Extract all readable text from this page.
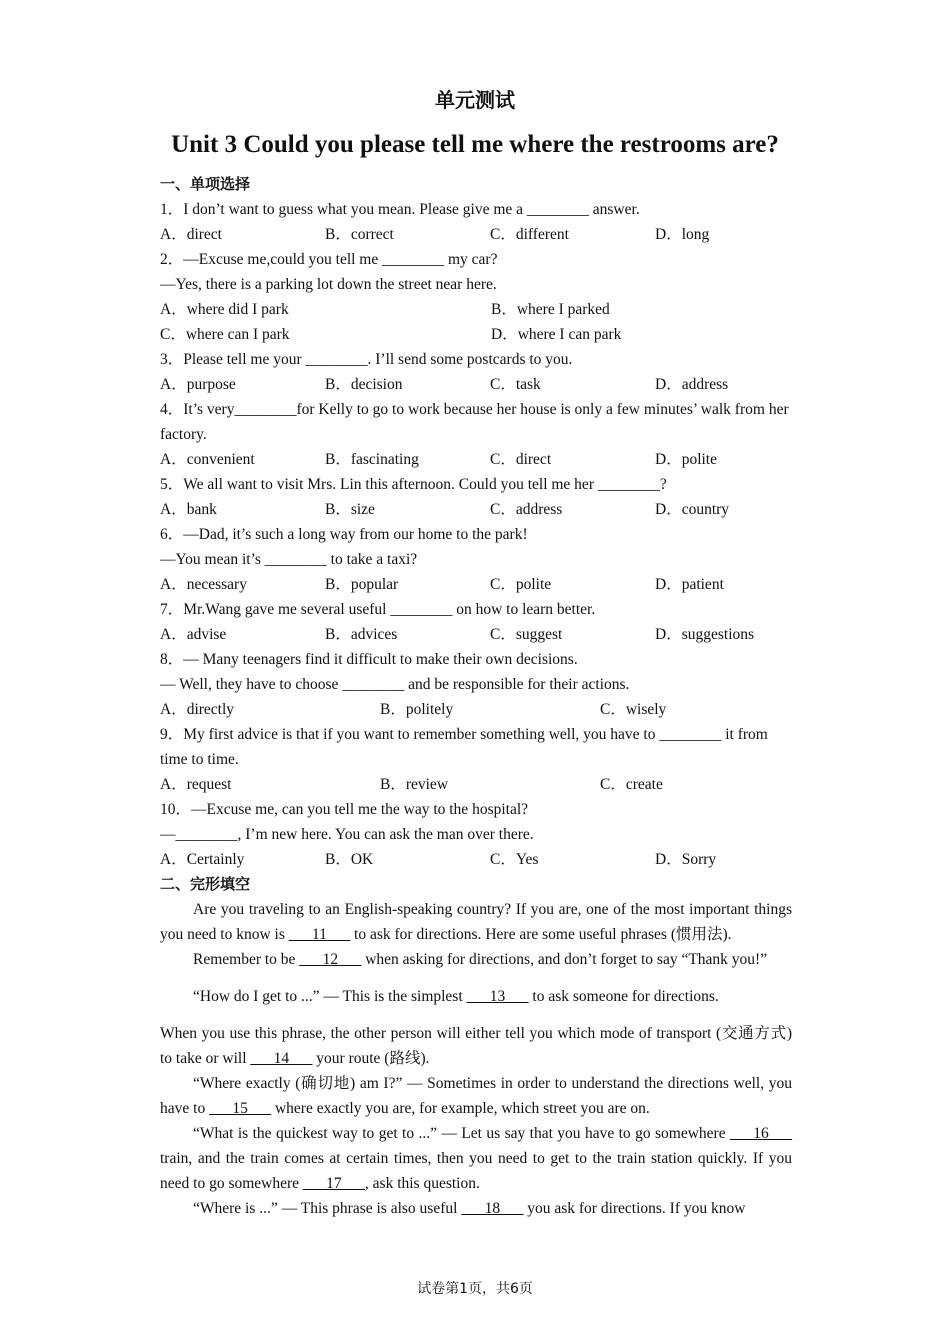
单元测试
Unit 3 Could you please tell me where the restrooms are?
一、单项选择
1．I don’t want to guess what you mean. Please give me a ________ answer.
A．direct	B．correct	C．different	D．long
2．—Excuse me,could you tell me ________ my car?
—Yes, there is a parking lot down the street near here.
A．where did I park	B．where I parked
C．where can I park	D．where I can park
3．Please tell me your ________. I’ll send some postcards to you.
A．purpose	B．decision	C．task	D．address
4．It’s very________for Kelly to go to work because her house is only a few minutes’ walk from her factory.
A．convenient	B．fascinating	C．direct	D．polite
5．We all want to visit Mrs. Lin this afternoon. Could you tell me her ________?
A．bank	B．size	C．address	D．country
6．—Dad, it’s such a long way from our home to the park!
—You mean it’s ________ to take a taxi?
A．necessary	B．popular	C．polite	D．patient
7．Mr.Wang gave me several useful ________ on how to learn better.
A．advise	B．advices	C．suggest	D．suggestions
8．— Many teenagers find it difficult to make their own decisions.
— Well, they have to choose ________ and be responsible for their actions.
A．directly	B．politely	C．wisely
9．My first advice is that if you want to remember something well, you have to ________ it from time to time.
A．request	B．review	C．create
10．—Excuse me, can you tell me the way to the hospital?
—________, I’m new here. You can ask the man over there.
A．Certainly	B．OK	C．Yes	D．Sorry
二、完形填空
Are you traveling to an English-speaking country? If you are, one of the most important things you need to know is ___11___ to ask for directions. Here are some useful phrases (惯用法).
Remember to be ___12___ when asking for directions, and don’t forget to say “Thank you!”
“How do I get to ...” — This is the simplest ___13___ to ask someone for directions.
When you use this phrase, the other person will either tell you which mode of transport (交通方式) to take or will ___14___ your route (路线).
“Where exactly (确切地) am I?” — Sometimes in order to understand the directions well, you have to ___15___ where exactly you are, for example, which street you are on.
“What is the quickest way to get to ...” — Let us say that you have to go somewhere ___16___ train, and the train comes at certain times, then you need to get to the train station quickly. If you need to go somewhere ___17___, ask this question.
“Where is ...” — This phrase is also useful ___18___ you ask for directions. If you know
试卷第1页，共6页
